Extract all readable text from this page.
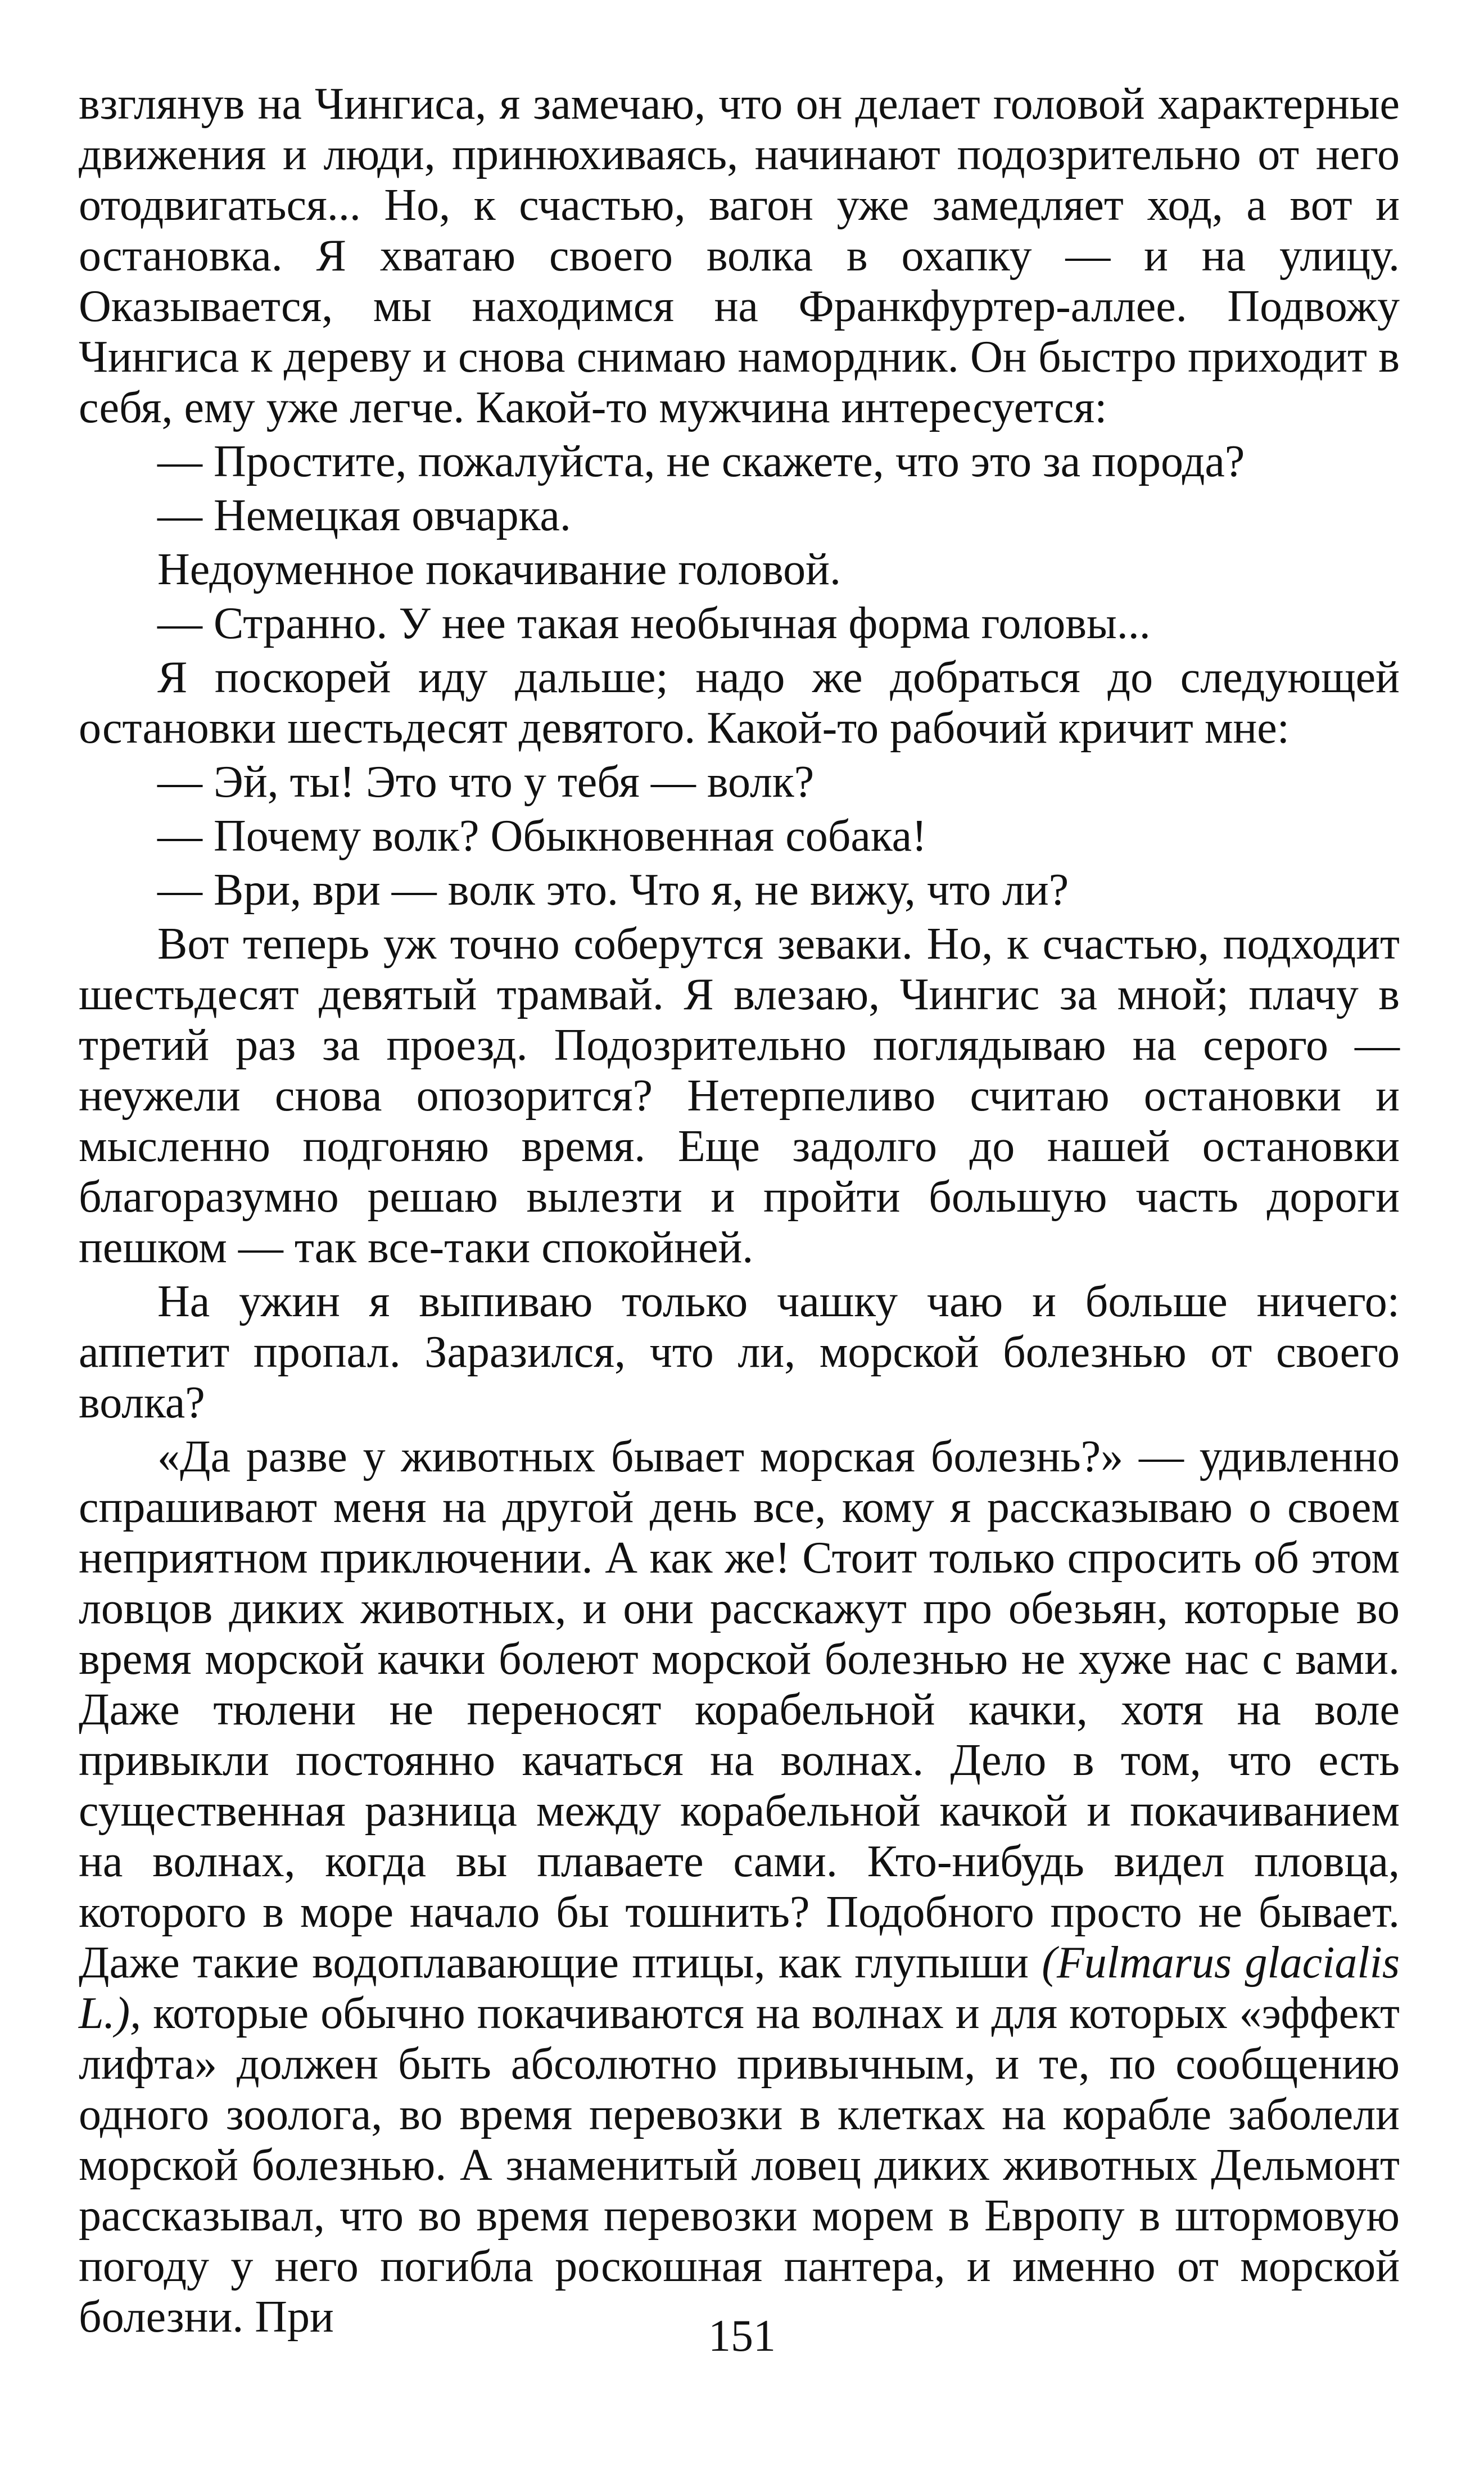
взглянув на Чингиса, я замечаю, что он делает головой характерные движения и люди, принюхиваясь, начинают подозрительно от него отодвигаться... Но, к счастью, вагон уже замедляет ход, а вот и остановка. Я хватаю своего волка в охапку — и на улицу. Оказывается, мы находимся на Франкфуртер-аллее. Подвожу Чингиса к дереву и снова снимаю намордник. Он быстро приходит в себя, ему уже легче. Какой-то мужчина интересуется:

— Простите, пожалуйста, не скажете, что это за порода?

— Немецкая овчарка.

Недоуменное покачивание головой.

— Странно. У нее такая необычная форма головы...

Я поскорей иду дальше; надо же добраться до следующей остановки шестьдесят девятого. Какой-то рабочий кричит мне:

— Эй, ты! Это что у тебя — волк?

— Почему волк? Обыкновенная собака!

— Ври, ври — волк это. Что я, не вижу, что ли?

Вот теперь уж точно соберутся зеваки. Но, к счастью, подходит шестьдесят девятый трамвай. Я влезаю, Чингис за мной; плачу в третий раз за проезд. Подозрительно поглядываю на серого — неужели снова опозорится? Нетерпеливо считаю остановки и мысленно подгоняю время. Еще задолго до нашей остановки благоразумно решаю вылезти и пройти большую часть дороги пешком — так все-таки спокойней.

На ужин я выпиваю только чашку чаю и больше ничего: аппетит пропал. Заразился, что ли, морской болезнью от своего волка?

«Да разве у животных бывает морская болезнь?» — удивленно спрашивают меня на другой день все, кому я рассказываю о своем неприятном приключении. А как же! Стоит только спросить об этом ловцов диких животных, и они расскажут про обезьян, которые во время морской качки болеют морской болезнью не хуже нас с вами. Даже тюлени не переносят корабельной качки, хотя на воле привыкли постоянно качаться на волнах. Дело в том, что есть существенная разница между корабельной качкой и покачиванием на волнах, когда вы плаваете сами. Кто-нибудь видел пловца, которого в море начало бы тошнить? Подобного просто не бывает. Даже такие водоплавающие птицы, как глупыши (Fulmarus glacialis L.), которые обычно покачиваются на волнах и для которых «эффект лифта» должен быть абсолютно привычным, и те, по сообщению одного зоолога, во время перевозки в клетках на корабле заболели морской болезнью. А знаменитый ловец диких животных Дельмонт рассказывал, что во время перевозки морем в Европу в штормовую погоду у него погибла роскошная пантера, и именно от морской болезни. При	151
